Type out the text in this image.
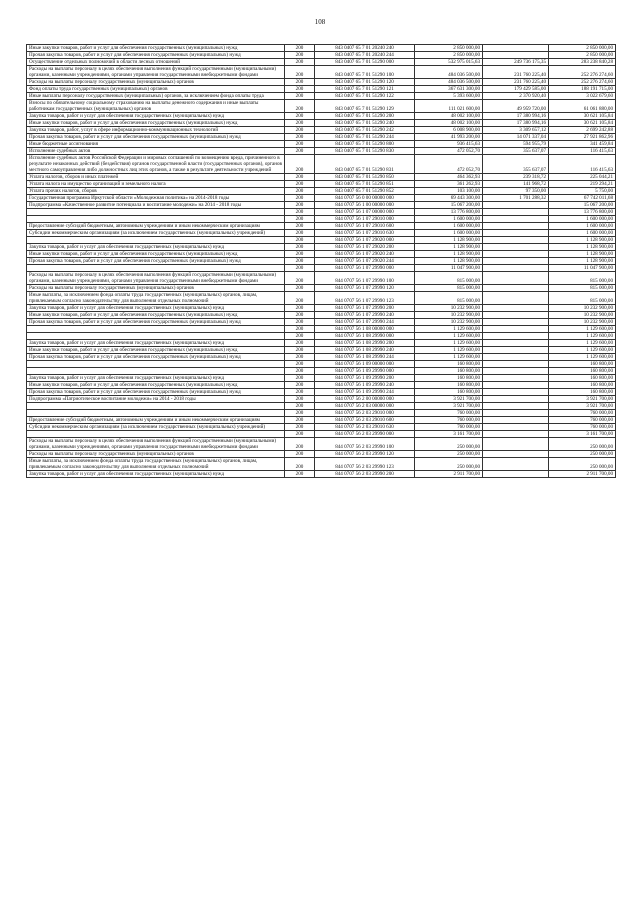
108
Иные закупки товаров, работ и услуг для обеспечения государственных (муниципальных) нужд	200	843 0407 65 7 01 20240 240	2 850 000,00		2 850 000,00
Прочая закупка товаров, работ и услуг для обеспечения государственных (муниципальных) нужд	200	843 0407 65 7 01 20240 244	2 850 000,00		2 850 000,00
Осуществление отдельных полномочий в области лесных отношений	200	843 0407 65 7 01 51290 000	532 975 015,63	249 736 175,35	283 238 840,28
Расходы на выплаты персоналу в целях обеспечения выполнения функций государственными (муниципальными) органами, казенными учреждениями, органами управления государственными внебюджетными фондами	200	843 0407 65 7 01 51290 100	484 036 500,00	231 760 225,40	252 276 274,60
Расходы на выплаты персоналу государственных (муниципальных) органов	200	843 0407 65 7 01 51290 120	484 036 500,00	231 760 225,40	252 276 274,60
Фонд оплаты труда государственных (муниципальных) органов	200	843 0407 65 7 01 51290 121	367 631 300,00	179 429 585,00	188 191 715,00
Иные выплаты персоналу государственных (муниципальных) органов, за исключением фонда оплаты труда	200	843 0407 65 7 01 51290 122	5 393 600,00	2 370 920,40	3 022 679,60
Взносы по обязательному социальному страхованию на выплаты денежного содержания и иные выплаты работникам государственных (муниципальных) органов	200	843 0407 65 7 01 51290 129	111 021 600,00	49 959 720,00	61 061 880,00
Закупка товаров, работ и услуг для обеспечения государственных (муниципальных) нужд	200	843 0407 65 7 01 51290 200	48 002 100,00	17 380 994,16	30 621 105,84
Иные закупки товаров, работ и услуг для обеспечения государственных (муниципальных) нужд	200	843 0407 65 7 01 51290 240	48 002 100,00	17 380 994,16	30 621 105,84
Закупка товаров, работ, услуг в сфере информационно-коммуникационных технологий	200	843 0407 65 7 01 51290 242	6 008 900,00	3 309 657,12	2 699 242,88
Прочая закупка товаров, работ и услуг для обеспечения государственных (муниципальных) нужд	200	843 0407 65 7 01 51290 244	41 993 200,00	14 071 337,04	27 921 862,96
Иные бюджетные ассигнования	200	843 0407 65 7 01 51290 800	936 415,63	594 955,79	341 459,84
Исполнение судебных актов	200	843 0407 65 7 01 51290 830	472 052,70	355 637,07	116 415,63
Исполнение судебных актов Российской Федерации и мировых соглашений по возмещению вреда, причиненного в результате незаконных действий (бездействия) органов государственной власти (государственных органов), органов местного самоуправления либо должностных лиц этих органов, а также в результате деятельности учреждений	200	843 0407 65 7 01 51290 831	472 052,70	355 637,07	116 415,63
Уплата налогов, сборов и иных платежей	200	843 0407 65 7 01 51290 850	464 362,93	239 318,72	225 044,21
Уплата налога на имущество организаций и земельного налога	200	843 0407 65 7 01 51290 851	361 262,93	141 968,72	219 294,21
Уплата прочих налогов, сборов	200	843 0407 65 7 01 51290 852	103 100,00	97 350,00	5 750,00
Государственная программа Иркутской области «Молодежная политика» на 2014-2018 годы	200	844 0707 56 0 00 00000 000	69 443 300,00	1 701 288,32	67 742 011,68
Подпрограмма «Качественное развитие потенциала и воспитание молодежи» на 2014 - 2018 годы	200	844 0707 56 1 00 00000 000	15 067 200,00		15 067 200,00
	200	844 0707 56 1 07 00000 000	13 776 800,00		13 776 800,00
	200	844 0707 56 1 07 29010 000	1 600 000,00		1 600 000,00
Предоставление субсидий бюджетным, автономным учреждениям и иным некоммерческим организациям	200	844 0707 56 1 07 29010 600	1 600 000,00		1 600 000,00
Субсидии некоммерческим организациям (за исключением государственных (муниципальных) учреждений)	200	844 0707 56 1 07 29010 630	1 600 000,00		1 600 000,00
	200	844 0707 56 1 07 29020 000	1 128 900,00		1 128 900,00
Закупка товаров, работ и услуг для обеспечения государственных (муниципальных) нужд	200	844 0707 56 1 07 29020 200	1 128 900,00		1 128 900,00
Иные закупки товаров, работ и услуг для обеспечения государственных (муниципальных) нужд	200	844 0707 56 1 07 29020 240	1 128 900,00		1 128 900,00
Прочая закупка товаров, работ и услуг для обеспечения государственных (муниципальных) нужд	200	844 0707 56 1 07 29020 244	1 128 900,00		1 128 900,00
	200	844 0707 56 1 07 29990 000	11 047 900,00		11 047 900,00
Расходы на выплаты персоналу в целях обеспечения выполнения функций государственными (муниципальными) органами, казенными учреждениями, органами управления государственными внебюджетными фондами	200	844 0707 56 1 07 29990 100	815 000,00		815 000,00
Расходы на выплаты персоналу государственных (муниципальных) органов	200	844 0707 56 1 07 29990 120	815 000,00		815 000,00
Иные выплаты, за исключением фонда оплаты труда государственных (муниципальных) органов, лицам, привлекаемым согласно законодательству для выполнения отдельных полномочий	200	844 0707 56 1 07 29990 123	815 000,00		815 000,00
Закупка товаров, работ и услуг для обеспечения государственных (муниципальных) нужд	200	844 0707 56 1 07 29990 200	10 232 900,00		10 232 900,00
Иные закупки товаров, работ и услуг для обеспечения государственных (муниципальных) нужд	200	844 0707 56 1 07 29990 240	10 232 900,00		10 232 900,00
Прочая закупка товаров, работ и услуг для обеспечения государственных (муниципальных) нужд	200	844 0707 56 1 07 29990 244	10 232 900,00		10 232 900,00
	200	844 0707 56 1 08 00000 000	1 129 600,00		1 129 600,00
	200	844 0707 56 1 08 29990 000	1 129 600,00		1 129 600,00
Закупка товаров, работ и услуг для обеспечения государственных (муниципальных) нужд	200	844 0707 56 1 08 29990 200	1 129 600,00		1 129 600,00
Иные закупки товаров, работ и услуг для обеспечения государственных (муниципальных) нужд	200	844 0707 56 1 08 29990 240	1 129 600,00		1 129 600,00
Прочая закупка товаров, работ и услуг для обеспечения государственных (муниципальных) нужд	200	844 0707 56 1 08 29990 244	1 129 600,00		1 129 600,00
	200	844 0707 56 1 09 00000 000	160 800,00		160 800,00
	200	844 0707 56 1 09 29990 000	160 800,00		160 800,00
Закупка товаров, работ и услуг для обеспечения государственных (муниципальных) нужд	200	844 0707 56 1 09 29990 200	160 800,00		160 800,00
Иные закупки товаров, работ и услуг для обеспечения государственных (муниципальных) нужд	200	844 0707 56 1 09 29990 240	160 800,00		160 800,00
Прочая закупка товаров, работ и услуг для обеспечения государственных (муниципальных) нужд	200	844 0707 56 1 09 29990 244	160 800,00		160 800,00
Подпрограмма «Патриотическое воспитание молодежи» на 2014 - 2018 годы	200	844 0707 56 2 00 00000 000	3 921 700,00		3 921 700,00
	200	844 0707 56 2 03 00000 000	3 921 700,00		3 921 700,00
	200	844 0707 56 2 03 29010 000	760 000,00		760 000,00
Предоставление субсидий бюджетным, автономным учреждениям и иным некоммерческим организациям	200	844 0707 56 2 03 29010 600	760 000,00		760 000,00
Субсидии некоммерческим организациям (за исключением государственных (муниципальных) учреждений)	200	844 0707 56 2 03 29010 630	760 000,00		760 000,00
	200	844 0707 56 2 03 29990 000	3 161 700,00		3 161 700,00
Расходы на выплаты персоналу в целях обеспечения выполнения функций государственными (муниципальными) органами, казенными учреждениями, органами управления государственными внебюджетными фондами	200	844 0707 56 2 03 29990 100	250 000,00		250 000,00
Расходы на выплаты персоналу государственных (муниципальных) органов	200	844 0707 56 2 03 29990 120	250 000,00		250 000,00
Иные выплаты, за исключением фонда оплаты труда государственных (муниципальных) органов, лицам, привлекаемым согласно законодательству для выполнения отдельных полномочий	200	844 0707 56 2 03 29990 123	250 000,00		250 000,00
Закупка товаров, работ и услуг для обеспечения государственных (муниципальных) нужд	200	844 0707 56 2 03 29990 200	2 911 700,00		2 911 700,00
